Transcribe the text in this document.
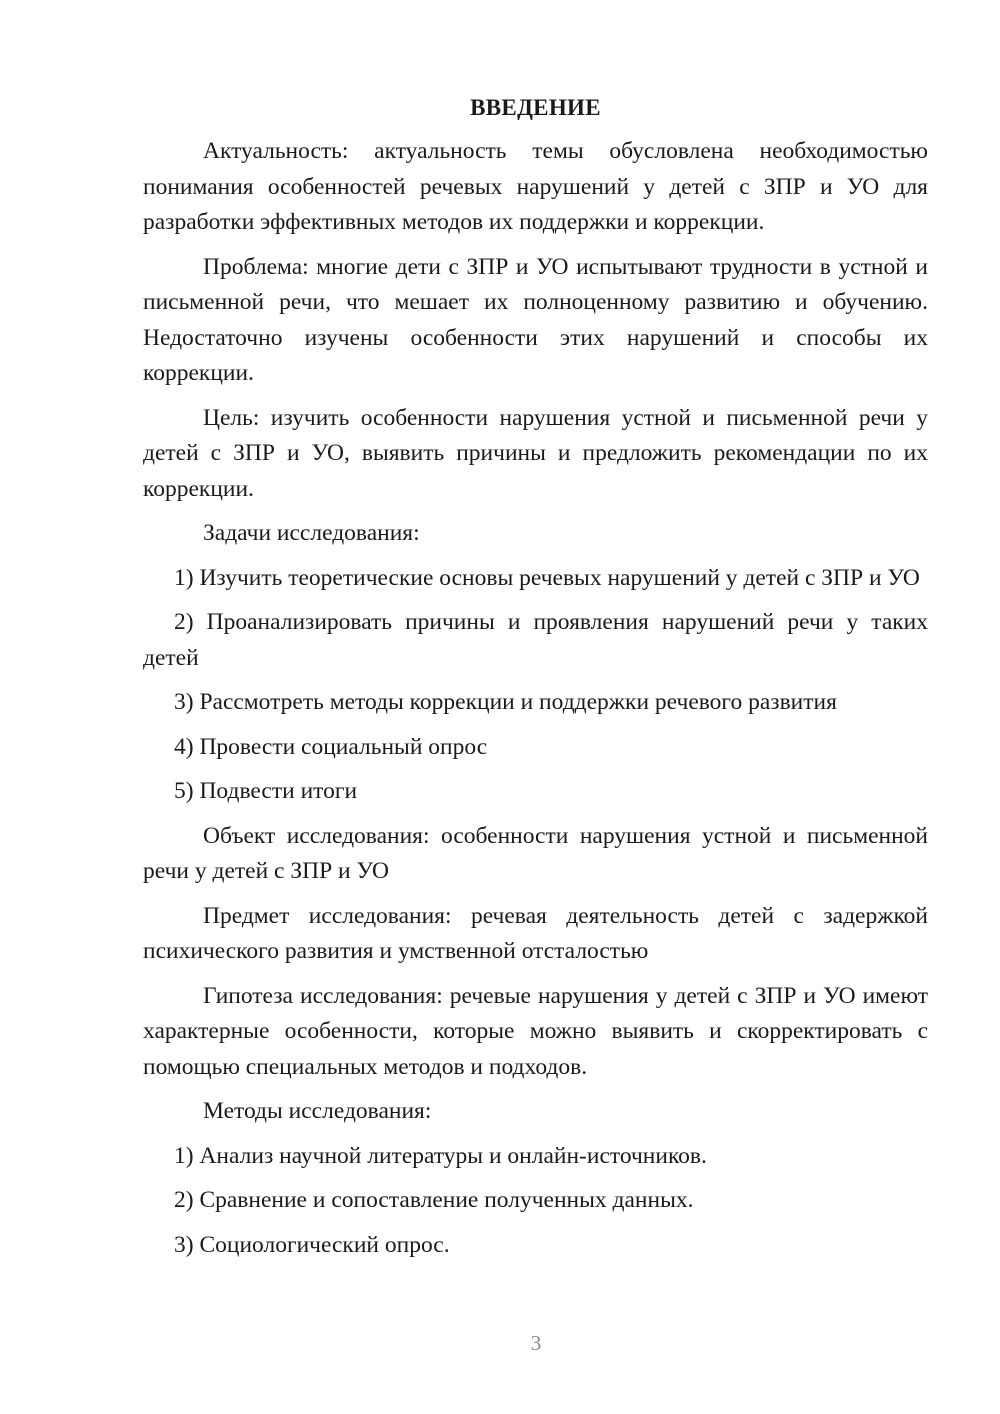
ВВЕДЕНИЕ

Актуальность: актуальность темы обусловлена необходимостью понимания особенностей речевых нарушений у детей с ЗПР и УО для разработки эффективных методов их поддержки и коррекции.

Проблема: многие дети с ЗПР и УО испытывают трудности в устной и письменной речи, что мешает их полноценному развитию и обучению. Недостаточно изучены особенности этих нарушений и способы их коррекции.

Цель: изучить особенности нарушения устной и письменной речи у детей с ЗПР и УО, выявить причины и предложить рекомендации по их коррекции.

Задачи исследования:

1) Изучить теоретические основы речевых нарушений у детей с ЗПР и УО

2) Проанализировать причины и проявления нарушений речи у таких детей

3) Рассмотреть методы коррекции и поддержки речевого развития

4) Провести социальный опрос

5) Подвести итоги

Объект исследования: особенности нарушения устной и письменной речи у детей с ЗПР и УО

Предмет исследования: речевая деятельность детей с задержкой психического развития и умственной отсталостью

Гипотеза исследования: речевые нарушения у детей с ЗПР и УО имеют характерные особенности, которые можно выявить и скорректировать с помощью специальных методов и подходов.

Методы исследования:

1) Анализ научной литературы и онлайн-источников.

2) Сравнение и сопоставление полученных данных.

3) Социологический опрос.

3
